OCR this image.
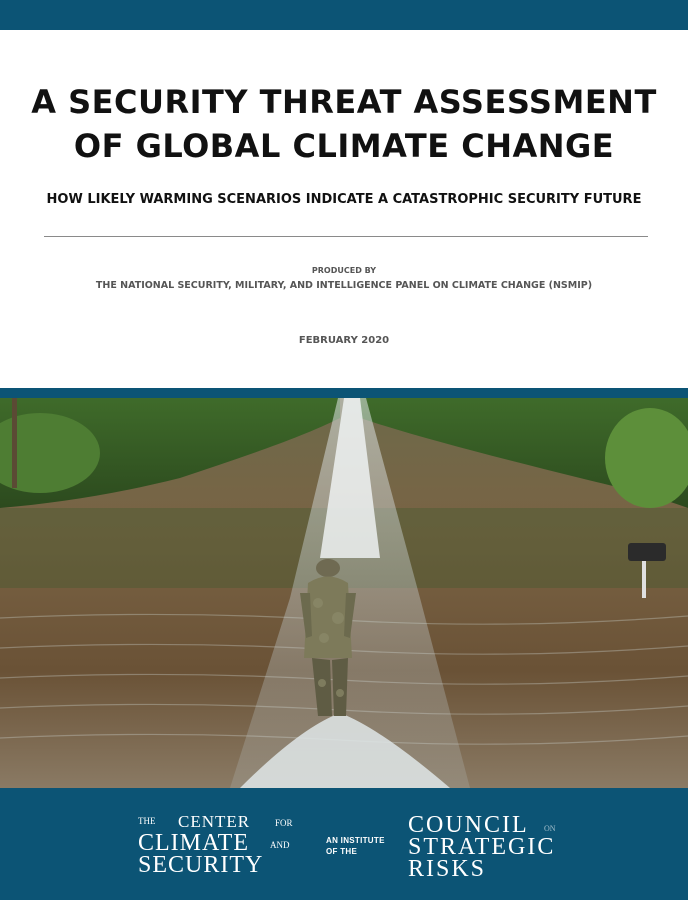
A SECURITY THREAT ASSESSMENT
OF GLOBAL CLIMATE CHANGE
HOW LIKELY WARMING SCENARIOS INDICATE A CATASTROPHIC SECURITY FUTURE
PRODUCED BY
THE NATIONAL SECURITY, MILITARY, AND INTELLIGENCE PANEL ON CLIMATE CHANGE (NSMIP)
FEBRUARY 2020
THE CENTER	FOR
CLIMATE AND
SECURITY
AN INSTITUTE
OF THE
COUNCIL ON
STRATEGIC
RISKS
